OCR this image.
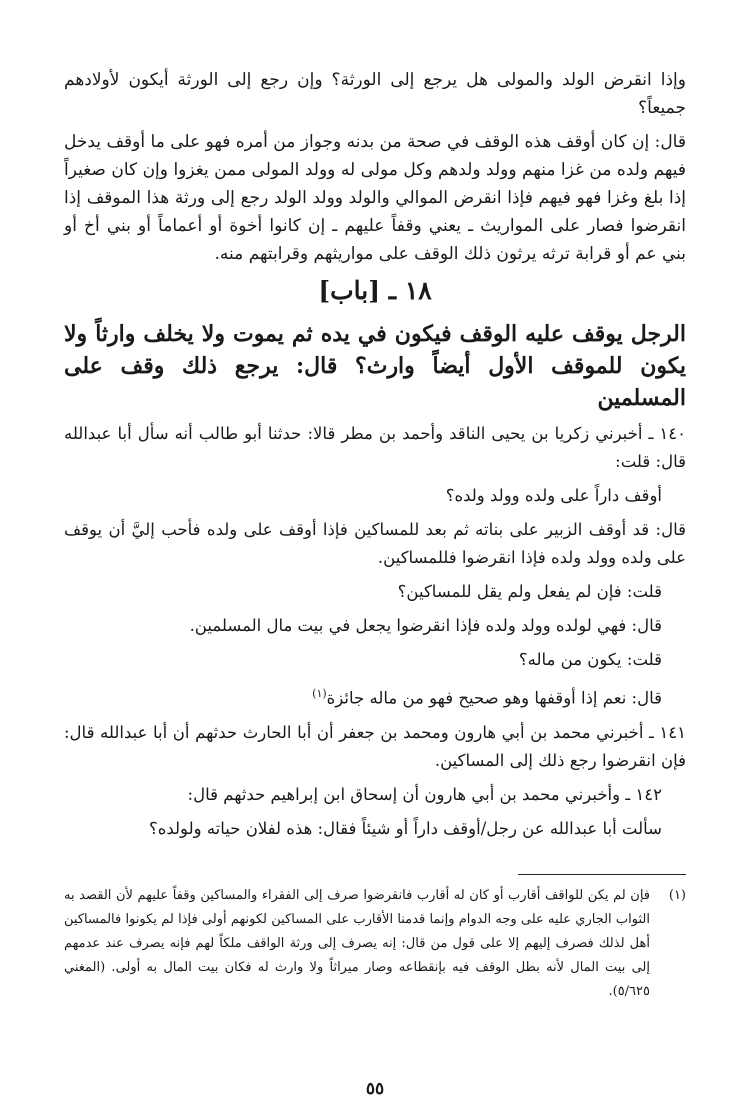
وإذا انقرض الولد والمولى هل يرجع إلى الورثة؟ وإن رجع إلى الورثة أيكون لأولادهم جميعاً؟

قال: إن كان أوقف هذه الوقف في صحة من بدنه وجواز من أمره فهو على ما أوقف يدخل فيهم ولده من غزا منهم وولد ولدهم وكل مولى له وولد المولى ممن يغزوا وإن كان صغيراً إذا بلغ وغزا فهو فيهم فإذا انقرض الموالي والولد وولد الولد رجع إلى ورثة هذا الموقف إذا انقرضوا فصار على المواريث ـ يعني وقفاً عليهم ـ إن كانوا أخوة أو أعماماً أو بني أخ أو بني عم أو قرابة ترثه يرثون ذلك الوقف على مواريثهم وقرابتهم منه.

١٨ ـ [باب]

الرجل يوقف عليه الوقف فيكون في يده ثم يموت ولا يخلف وارثاً ولا يكون للموقف الأول أيضاً وارث؟ قال: يرجع ذلك وقف على المسلمين

١٤٠ ـ أخبرني زكريا بن يحيى الناقد وأحمد بن مطر قالا: حدثنا أبو طالب أنه سأل أبا عبدالله قال: قلت:

أوقف داراً على ولده وولد ولده؟

قال: قد أوقف الزبير على بناته ثم بعد للمساكين فإذا أوقف على ولده فأحب إليَّ أن يوقف على ولده وولد ولده فإذا انقرضوا فللمساكين.

قلت: فإن لم يفعل ولم يقل للمساكين؟

قال: فهي لولده وولد ولده فإذا انقرضوا يجعل في بيت مال المسلمين.

قلت: يكون من ماله؟

قال: نعم إذا أوقفها وهو صحيح فهو من ماله جائزة$^{(١)}$

١٤١ ـ أخبرني محمد بن أبي هارون ومحمد بن جعفر أن أبا الحارث حدثهم أن أبا عبدالله قال: فإن انقرضوا رجع ذلك إلى المساكين.

١٤٢ ـ وأخبرني محمد بن أبي هارون أن إسحاق ابن إبراهيم حدثهم قال:

سألت أبا عبدالله عن رجل/أوقف داراً أو شيئاً فقال: هذه لفلان حياته ولولده؟

(١)
فإن لم يكن للواقف أقارب أو كان له أقارب فانقرضوا صرف إلى الفقراء والمساكين وقفاً عليهم لأن القصد به الثواب الجاري عليه على وجه الدوام وإنما قدمنا الأقارب على المساكين لكونهم أولى فإذا لم يكونوا فالمساكين أهل لذلك فصرف إليهم إلا على قول من قال: إنه يصرف إلى ورثة الواقف ملكاً لهم فإنه يصرف عند عدمهم إلى بيت المال لأنه بطل الوقف فيه بإنقطاعه وصار ميراثاً ولا وارث له فكان بيت المال به أولى. (المغني ٥/٦٢٥).
٥٥
